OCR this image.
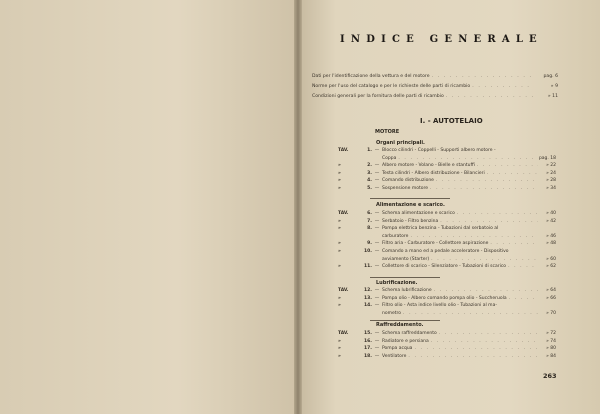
INDICE GENERALE
Dati per l'identificazione della vettura e del motore . . .	pag. 6
Norme per l'uso del catalogo e per le richieste delle parti di ricambio . . .	» 9
Condizioni generali per la fornitura delle parti di ricambio . . .	» 11
I. - AUTOTELAIO
MOTORE
Organi principali.
TAV.	1. — Blocco cilindri - Coppelli - Supporti albero motore -
Coppa . . .	pag. 18
»	2. — Albero motore - Volano - Bielle e stantuffi . . .	» 22
»	3. — Testa cilindri - Albero distribuzione - Bilancieri . . .	» 24
»	4. — Comando distribuzione . . .	» 28
»	5. — Sospensione motore . . .	» 34
Alimentazione e scarico.
TAV.	6. — Schema alimentazione e scarico . . .	» 40
»	7. — Serbatoio - Filtro benzina . . .	» 42
»	8. — Pompa elettrica benzina - Tubazioni dal serbatoio al
carburatore . . .	» 46
»	9. — Filtro aria - Carburatore - Collettore aspirazione . . .	» 48
»	10. — Comando a mano ed a pedale acceleratore - Dispositivo
avviamento (Starter) . . .	» 60
»	11. — Collettore di scarico - Silenziatore - Tubazioni di scarico . . .	» 62
Lubrificazione.
TAV.	12. — Schema lubrificazione . . .	» 64
»	13. — Pompa olio - Albero comando pompa olio - Succheruola . . .	» 66
»	14. — Filtro olio - Asta indice livello olio - Tubazioni al ma-
nometro . . .	» 70
Raffreddamento.
TAV.	15. — Schema raffreddamento . . .	» 72
»	16. — Radiatore e persiana . . .	» 74
»	17. — Pompa acqua . . .	» 80
»	18. — Ventilatore . . .	» 84
263
